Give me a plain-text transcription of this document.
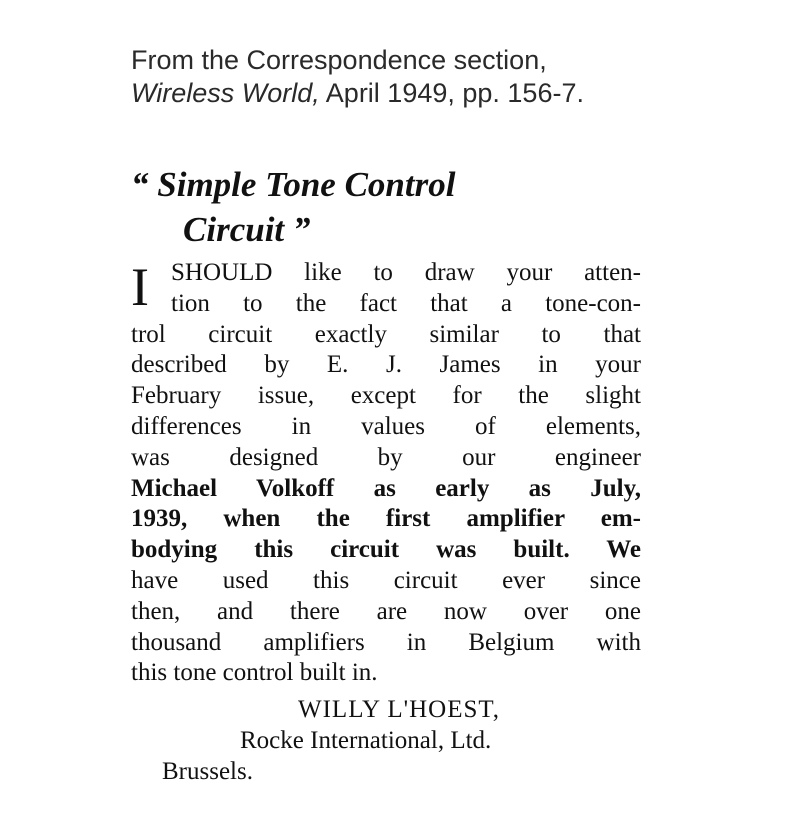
From the Correspondence section,
Wireless World, April 1949, pp. 156-7.
“ Simple Tone Control
Circuit ”
I SHOULD like to draw your atten-
tion to the fact that a tone-con-
trol circuit exactly similar to that
described by E. J. James in your
February issue, except for the slight
differences in values of elements,
was designed by our engineer
Michael Volkoff as early as July,
1939, when the first amplifier em-
bodying this circuit was built. We
have used this circuit ever since
then, and there are now over one
thousand amplifiers in Belgium with
this tone control built in.
WILLY L'HOEST,
Rocke International, Ltd.
Brussels.
